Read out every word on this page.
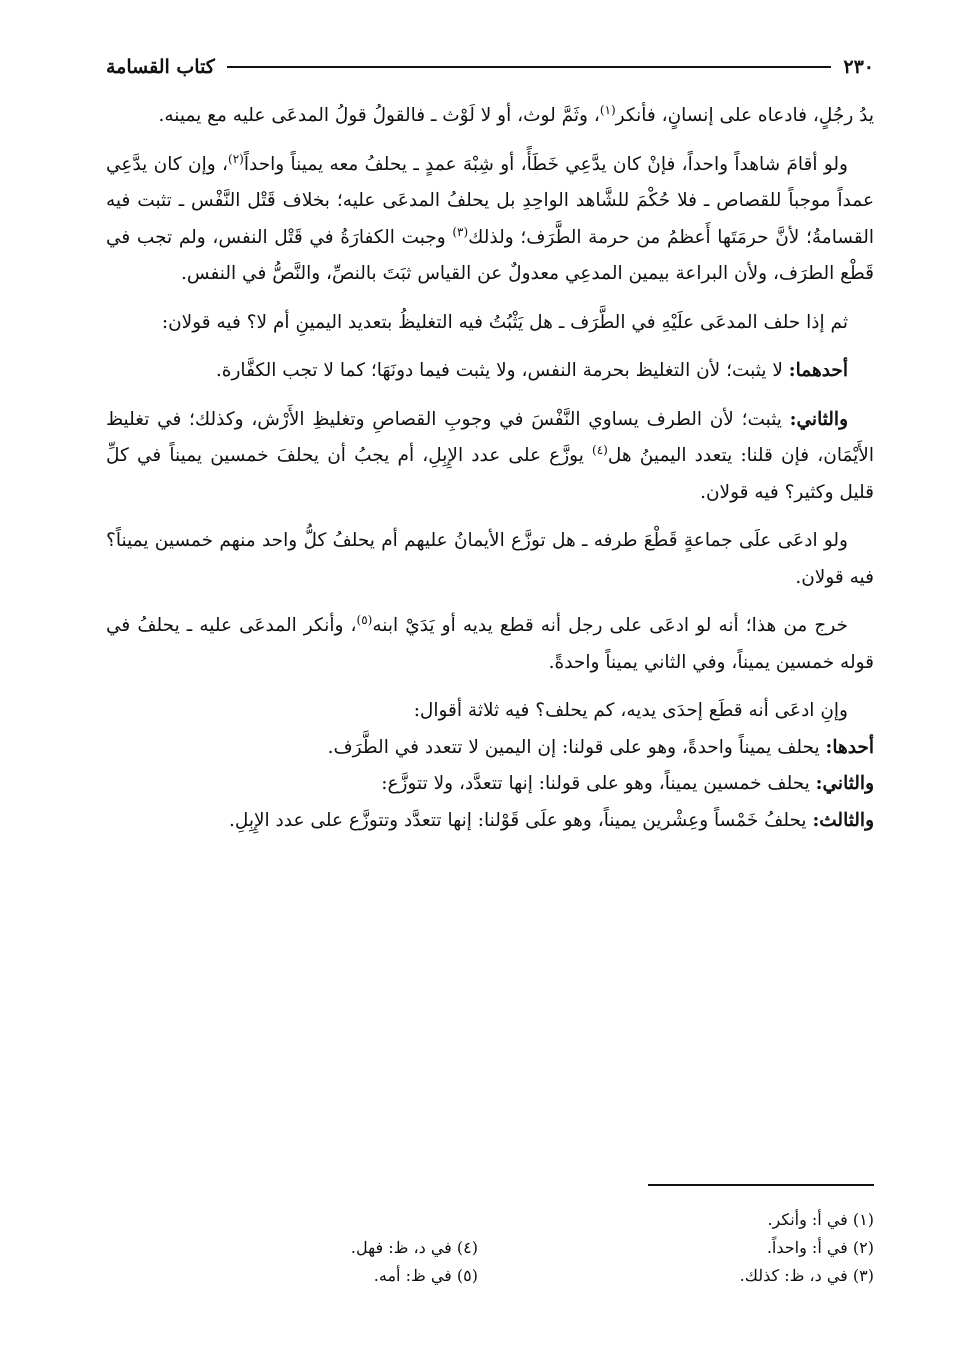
٢٣٠
كتاب القسامة

يدُ رجُلٍ، فادعاه على إنسانٍ، فأنكر$^{(١)}$، وثَمَّ لوث، أو لا لَوْث ـ فالقولُ قولُ المدعَى عليه مع يمينه.

ولو أقامَ شاهداً واحداً، فإنْ كان يدَّعِي خَطَأً، أو شِبْهَ عمدٍ ـ يحلفُ معه يميناً واحداً$^{(٢)}$، وإن كان يدَّعِي عمداً موجباً للقصاص ـ فلا حُكْمَ للشَّاهد الواحِدِ بل يحلفُ المدعَى عليه؛ بخلاف قَتْل النَّفْس ـ تثبت فيه القسامةُ؛ لأنَّ حرمَتَها أَعظمُ من حرمة الطَّرَف؛ ولذلك$^{(٣)}$ وجبت الكفارَةُ في قَتْل النفس، ولم تجب في قَطْع الطرَف، ولأن البراعة بيمين المدعِي معدولٌ عن القياس ثبَتَ بالنصِّ، والنَّصُّ في النفس.

ثم إذا حلف المدعَى علَيْهِ في الطَّرَف ـ هل يَثْبُتُ فيه التغليظُ بتعديد اليمينِ أم لا؟ فيه قولان:

أحدهما: لا يثبت؛ لأن التغليظ بحرمة النفس، ولا يثبت فيما دونَهَا؛ كما لا تجب الكفَّارة.

والثاني: يثبت؛ لأن الطرف يساوي النَّفْسَ في وجوبِ القصاصِ وتغليظِ الأَرْش، وكذلك؛ في تغليظ الأَيْمَان، فإن قلنا: يتعدد اليمينُ هل$^{(٤)}$ يوزَّع على عدد الإِبِلِ، أم يجبُ أن يحلفَ خمسين يميناً في كلِّ قليل وكثير؟ فيه قولان.

ولو ادعَى علَى جماعةٍ قَطْعَ طرفه ـ هل توزَّع الأيمانُ عليهم أم يحلفُ كلُّ واحد منهم خمسين يميناً؟ فيه قولان.

خرج من هذا؛ أنه لو ادعَى على رجل أنه قطع يديه أو يَدَيْ ابنه$^{(٥)}$، وأنكر المدعَى عليه ـ يحلفُ في قوله خمسين يميناً، وفي الثاني يميناً واحدةً.

وإنِ ادعَى أنه قطَع إحدَى يديه، كم يحلف؟ فيه ثلاثة أقوال:

أحدها: يحلف يميناً واحدةً، وهو على قولنا: إن اليمين لا تتعدد في الطَّرَف.

والثاني: يحلف خمسين يميناً، وهو على قولنا: إنها تتعدَّد، ولا تتوزَّع:

والثالث: يحلفُ خَمْساً وعِشْرين يميناً، وهو علَى قَوْلنا: إنها تتعدَّد وتتوزَّع على عدد الإِبِلِ.

(١) في أ: وأنكر.
(٢) في أ: واحداً.
(٣) في د، ظ: كذلك.
(٤) في د، ظ: فهل.
(٥) في ظ: أمه.
